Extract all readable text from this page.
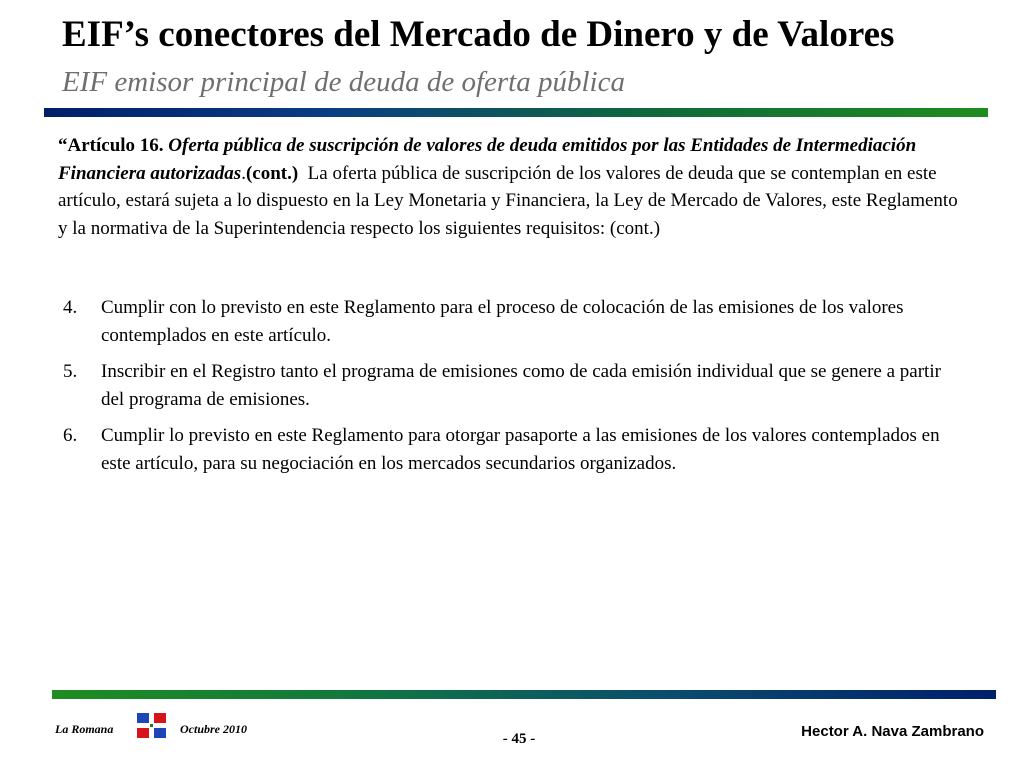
EIF’s conectores del Mercado de Dinero y de Valores
EIF emisor principal de deuda de oferta pública
“Artículo 16. Oferta pública de suscripción de valores de deuda emitidos por las Entidades de Intermediación Financiera autorizadas.(cont.) La oferta pública de suscripción de los valores de deuda que se contemplan en este artículo, estará sujeta a lo dispuesto en la Ley Monetaria y Financiera, la Ley de Mercado de Valores, este Reglamento y la normativa de la Superintendencia respecto los siguientes requisitos: (cont.)
4. Cumplir con lo previsto en este Reglamento para el proceso de colocación de las emisiones de los valores contemplados en este artículo.
5. Inscribir en el Registro tanto el programa de emisiones como de cada emisión individual que se genere a partir del programa de emisiones.
6. Cumplir lo previsto en este Reglamento para otorgar pasaporte a las emisiones de los valores contemplados en este artículo, para su negociación en los mercados secundarios organizados.
La Romana	Octubre 2010
- 45 -	Hector A. Nava Zambrano
